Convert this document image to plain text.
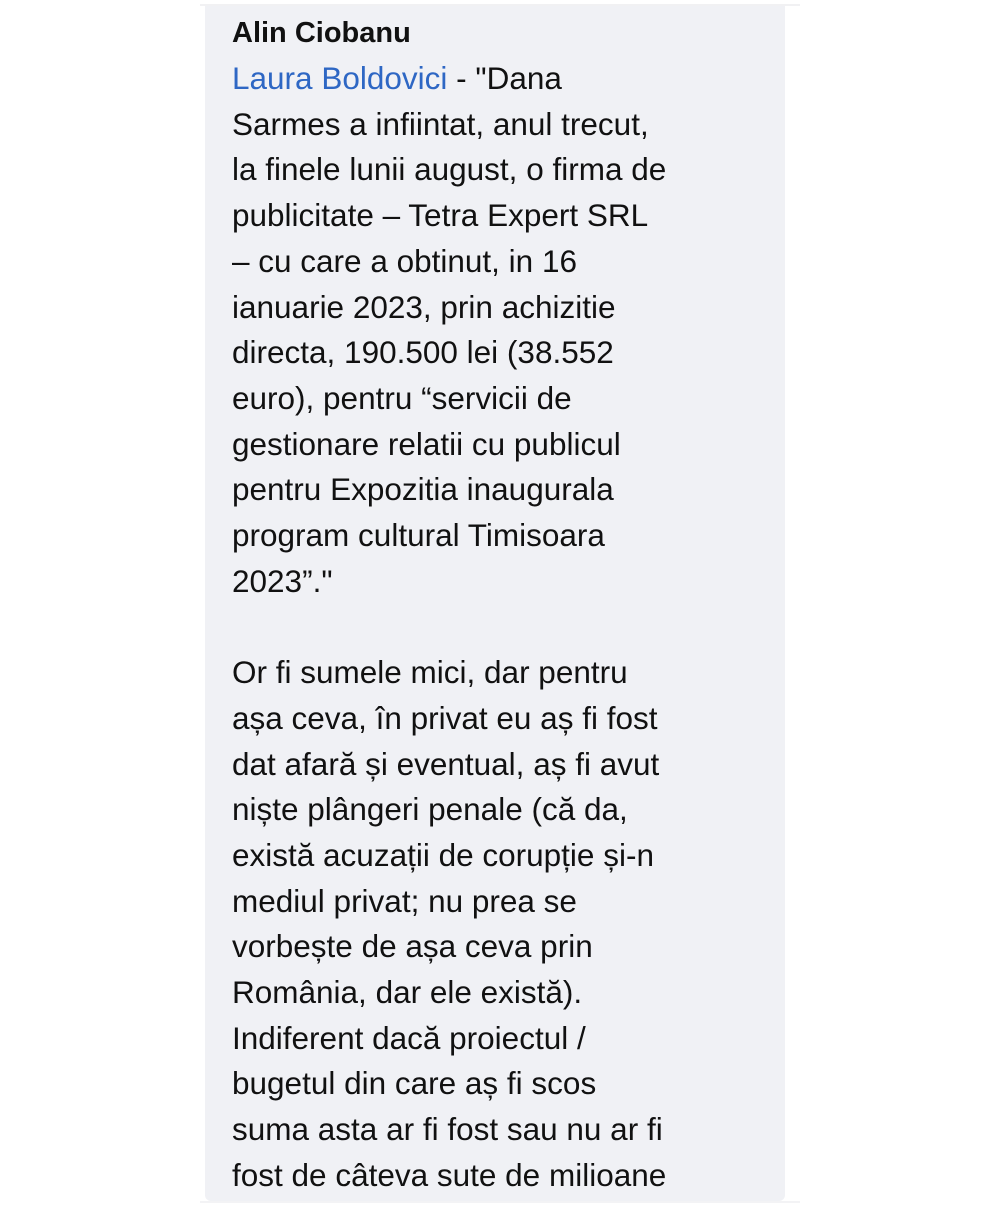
Alin Ciobanu
Laura Boldovici - "Dana
Sarmes a infiintat, anul trecut,
la finele lunii august, o firma de
publicitate – Tetra Expert SRL
– cu care a obtinut, in 16
ianuarie 2023, prin achizitie
directa, 190.500 lei (38.552
euro), pentru “servicii de
gestionare relatii cu publicul
pentru Expozitia inaugurala
program cultural Timisoara
2023”."
Or fi sumele mici, dar pentru
așa ceva, în privat eu aș fi fost
dat afară și eventual, aș fi avut
niște plângeri penale (că da,
există acuzații de corupție și-n
mediul privat; nu prea se
vorbește de așa ceva prin
România, dar ele există).
Indiferent dacă proiectul /
bugetul din care aș fi scos
suma asta ar fi fost sau nu ar fi
fost de câteva sute de milioane
